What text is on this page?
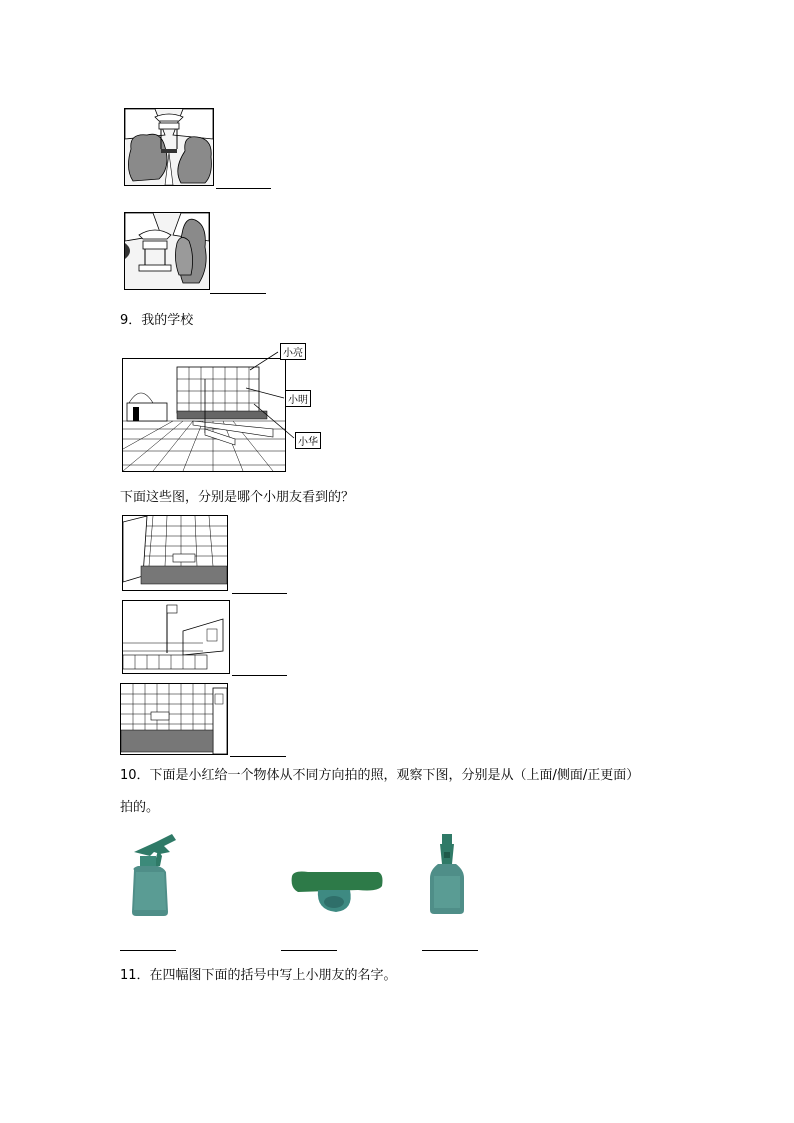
9．我的学校
小亮
小明
小华
下面这些图，分别是哪个小朋友看到的？
10．下面是小红给一个物体从不同方向拍的照，观察下图，分别是从（上面/侧面/正更面）
拍的。
11．在四幅图下面的括号中写上小朋友的名字。
